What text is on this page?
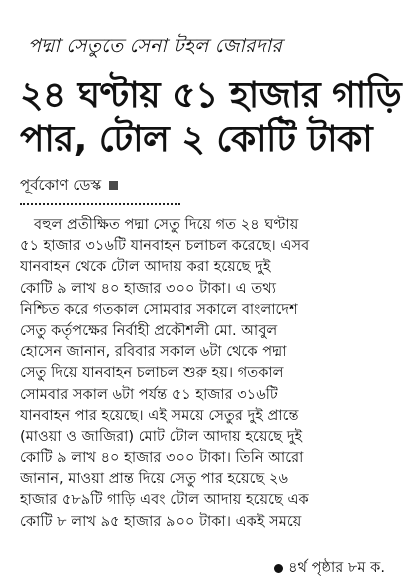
পদ্মা সেতুতে সেনা টহল জোরদার
২৪ ঘণ্টায় ৫১ হাজার গাড়ি
পার, টোল ২ কোটি টাকা
পূর্বকোণ ডেস্ক
বহুল প্রতীক্ষিত পদ্মা সেতু দিয়ে গত ২৪ ঘণ্টায়
৫১ হাজার ৩১৬টি যানবাহন চলাচল করেছে। এসব
যানবাহন থেকে টোল আদায় করা হয়েছে দুই
কোটি ৯ লাখ ৪০ হাজার ৩০০ টাকা। এ তথ্য
নিশ্চিত করে গতকাল সোমবার সকালে বাংলাদেশ
সেতু কর্তৃপক্ষের নির্বাহী প্রকৌশলী মো. আবুল
হোসেন জানান, রবিবার সকাল ৬টা থেকে পদ্মা
সেতু দিয়ে যানবাহন চলাচল শুরু হয়। গতকাল
সোমবার সকাল ৬টা পর্যন্ত ৫১ হাজার ৩১৬টি
যানবাহন পার হয়েছে। এই সময়ে সেতুর দুই প্রান্তে
(মাওয়া ও জাজিরা) মোট টোল আদায় হয়েছে দুই
কোটি ৯ লাখ ৪০ হাজার ৩০০ টাকা। তিনি আরো
জানান, মাওয়া প্রান্ত দিয়ে সেতু পার হয়েছে ২৬
হাজার ৫৮৯টি গাড়ি এবং টোল আদায় হয়েছে এক
কোটি ৮ লাখ ৯৫ হাজার ৯০০ টাকা। একই সময়ে
৪র্থ পৃষ্ঠার ৮ম ক.
